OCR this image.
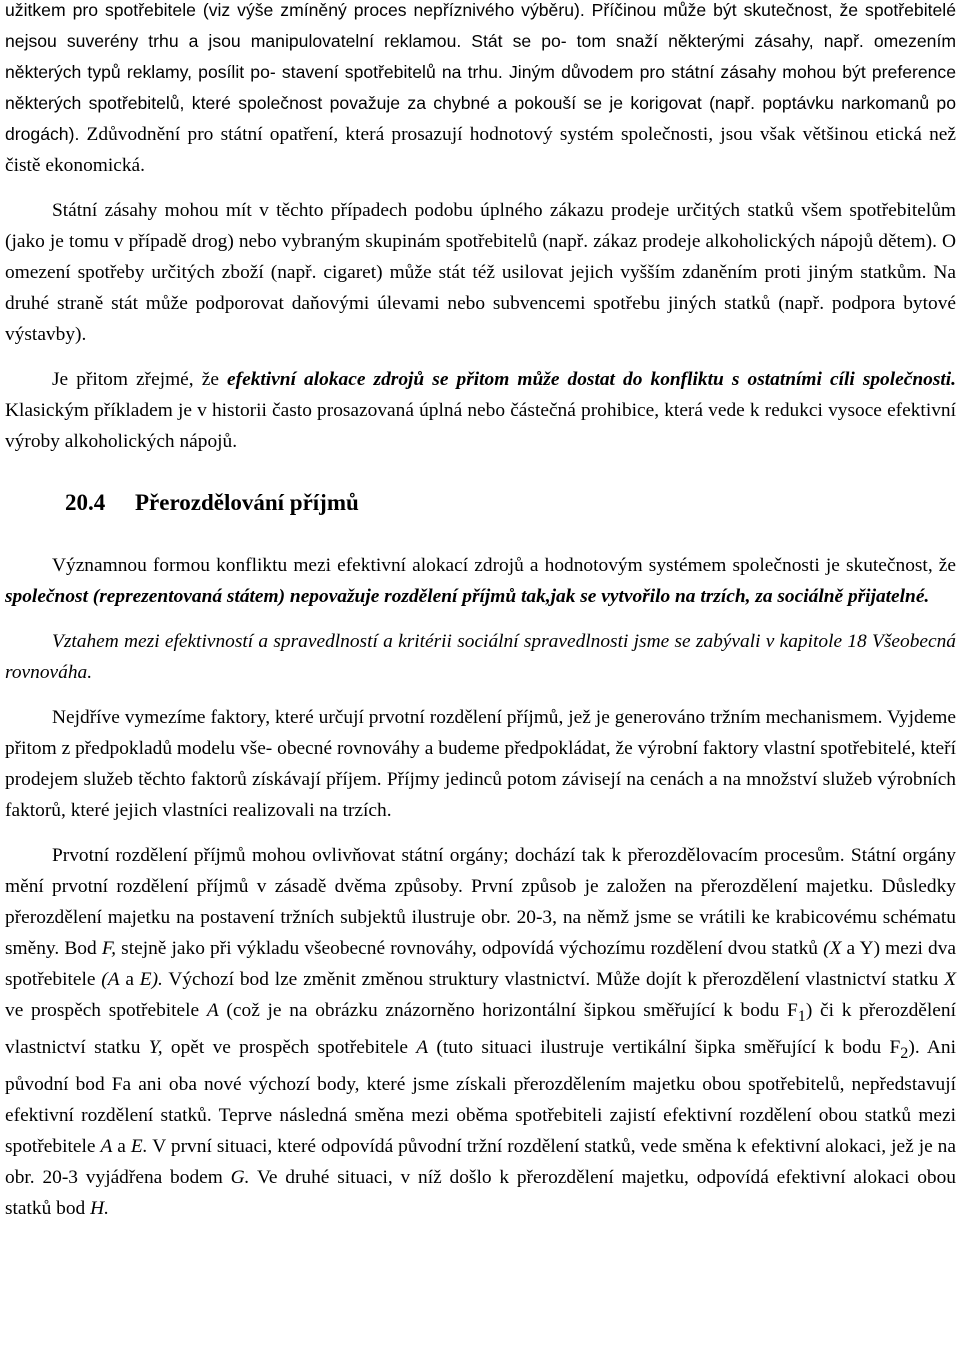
užitkem pro spotřebitele (viz výše zmíněný proces nepříznivého výběru). Příčinou může být skutečnost, že spotřebitelé nejsou suverény trhu a jsou manipulovatelní reklamou. Stát se po- tom snaží některými zásahy, např. omezením některých typů reklamy, posílit po- stavení spotřebitelů na trhu. Jiným důvodem pro státní zásahy mohou být preference některých spotřebitelů, které společnost považuje za chybné a pokouší se je korigovat (např. poptávku narkomanů po drogách). Zdůvodnění pro státní opatření, která prosazují hodnotový systém společnosti, jsou však většinou etická než čistě ekonomická.

Státní zásahy mohou mít v těchto případech podobu úplného zákazu prodeje určitých statků všem spotřebitelům (jako je tomu v případě drog) nebo vybraným skupinám spotřebitelů (např. zákaz prodeje alkoholických nápojů dětem). O omezení spotřeby určitých zboží (např. cigaret) může stát též usilovat jejich vyšším zdaněním proti jiným statkům. Na druhé straně stát může podporovat daňovými úlevami nebo subvencemi spotřebu jiných statků (např. podpora bytové výstavby).

Je přitom zřejmé, že efektivní alokace zdrojů se přitom může dostat do konfliktu s ostatními cíli společnosti. Klasickým příkladem je v historii často prosazovaná úplná nebo částečná prohibice, která vede k redukci vysoce efektivní výroby alkoholických nápojů.

20.4 Přerozdělování příjmů

Významnou formou konfliktu mezi efektivní alokací zdrojů a hodnotovým systémem společnosti je skutečnost, že společnost (reprezentovaná státem) nepovažuje rozdělení příjmů tak,jak se vytvořilo na trzích, za sociálně přijatelné.

Vztahem mezi efektivností a spravedlností a kritérii sociální spravedlnosti jsme se zabývali v kapitole 18 Všeobecná rovnováha.

Nejdříve vymezíme faktory, které určují prvotní rozdělení příjmů, jež je generováno tržním mechanismem. Vyjdeme přitom z předpokladů modelu vše- obecné rovnováhy a budeme předpokládat, že výrobní faktory vlastní spotřebitelé, kteří prodejem služeb těchto faktorů získávají příjem. Příjmy jedinců potom závisejí na cenách a na množství služeb výrobních faktorů, které jejich vlastníci realizovali na trzích.

Prvotní rozdělení příjmů mohou ovlivňovat státní orgány; dochází tak k přerozdělovacím procesům. Státní orgány mění prvotní rozdělení příjmů v zásadě dvěma způsoby. První způsob je založen na přerozdělení majetku. Důsledky přerozdělení majetku na postavení tržních subjektů ilustruje obr. 20-3, na němž jsme se vrátili ke krabicovému schématu směny. Bod F, stejně jako při výkladu všeobecné rovnováhy, odpovídá výchozímu rozdělení dvou statků (X a Y) mezi dva spotřebitele (A a E). Výchozí bod lze změnit změnou struktury vlastnictví. Může dojít k přerozdělení vlastnictví statku X ve prospěch spotřebitele A (což je na obrázku znázorněno horizontální šipkou směřující k bodu $F_1$) či k přerozdělení vlastnictví statku Y, opět ve prospěch spotřebitele A (tuto situaci ilustruje vertikální šipka směřující k bodu $F_2$). Ani původní bod Fa ani oba nové výchozí body, které jsme získali přerozdělením majetku obou spotřebitelů, nepředstavují efektivní rozdělení statků. Teprve následná směna mezi oběma spotřebiteli zajistí efektivní rozdělení obou statků mezi spotřebitele A a E. V první situaci, které odpovídá původní tržní rozdělení statků, vede směna k efektivní alokaci, jež je na obr. 20-3 vyjádřena bodem G. Ve druhé situaci, v níž došlo k přerozdělení majetku, odpovídá efektivní alokaci obou statků bod H.
